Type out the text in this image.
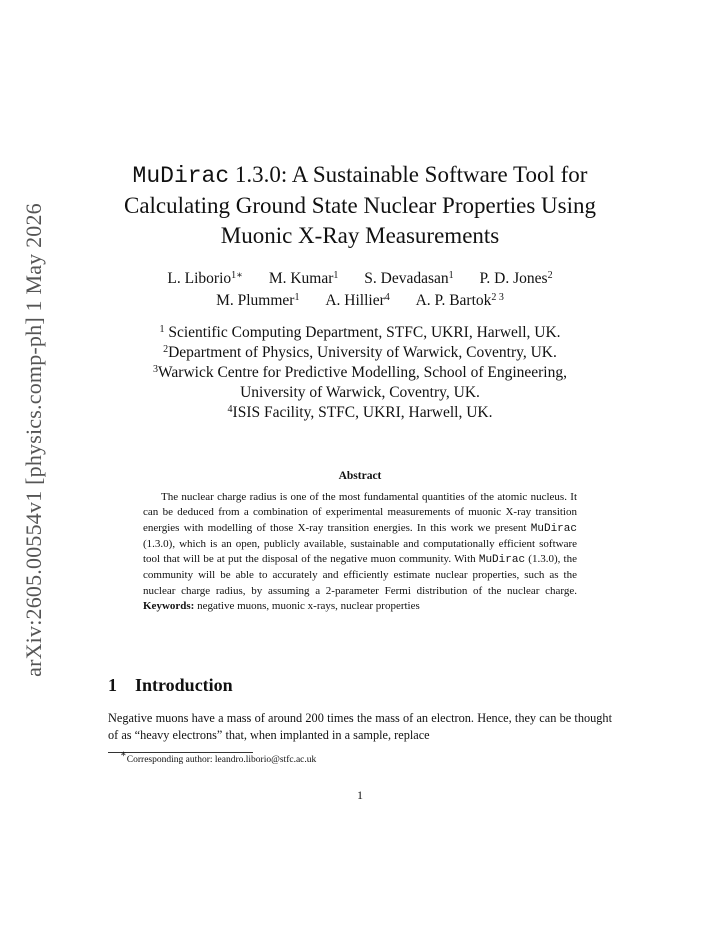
arXiv:2605.00554v1 [physics.comp-ph] 1 May 2026
MuDirac 1.3.0: A Sustainable Software Tool for
Calculating Ground State Nuclear Properties Using
Muonic X-Ray Measurements
L. Liborio$^{1∗}$ M. Kumar$^1$ S. Devadasan$^1$ P. D. Jones$^2$
M. Plummer$^1$ A. Hillier$^4$ A. P. Bartok$^{2 3}$
$^1$ Scientific Computing Department, STFC, UKRI, Harwell, UK.
$^2$Department of Physics, University of Warwick, Coventry, UK.
$^3$Warwick Centre for Predictive Modelling, School of Engineering,
University of Warwick, Coventry, UK.
$^4$ISIS Facility, STFC, UKRI, Harwell, UK.
Abstract

The nuclear charge radius is one of the most fundamental quantities of the atomic nucleus. It can be deduced from a combination of experimental measurements of muonic X-ray transition energies with modelling of those X-ray transition energies. In this work we present MuDirac (1.3.0), which is an open, publicly available, sustainable and computationally efficient software tool that will be at put the disposal of the negative muon community. With MuDirac (1.3.0), the community will be able to accurately and efficiently estimate nuclear properties, such as the nuclear charge radius, by assuming a 2-parameter Fermi distribution of the nuclear charge. Keywords: negative muons, muonic x-rays, nuclear properties

1 Introduction

Negative muons have a mass of around 200 times the mass of an electron. Hence, they can be thought of as “heavy electrons” that, when implanted in a sample, replace

∗Corresponding author: leandro.liborio@stfc.ac.uk
1
